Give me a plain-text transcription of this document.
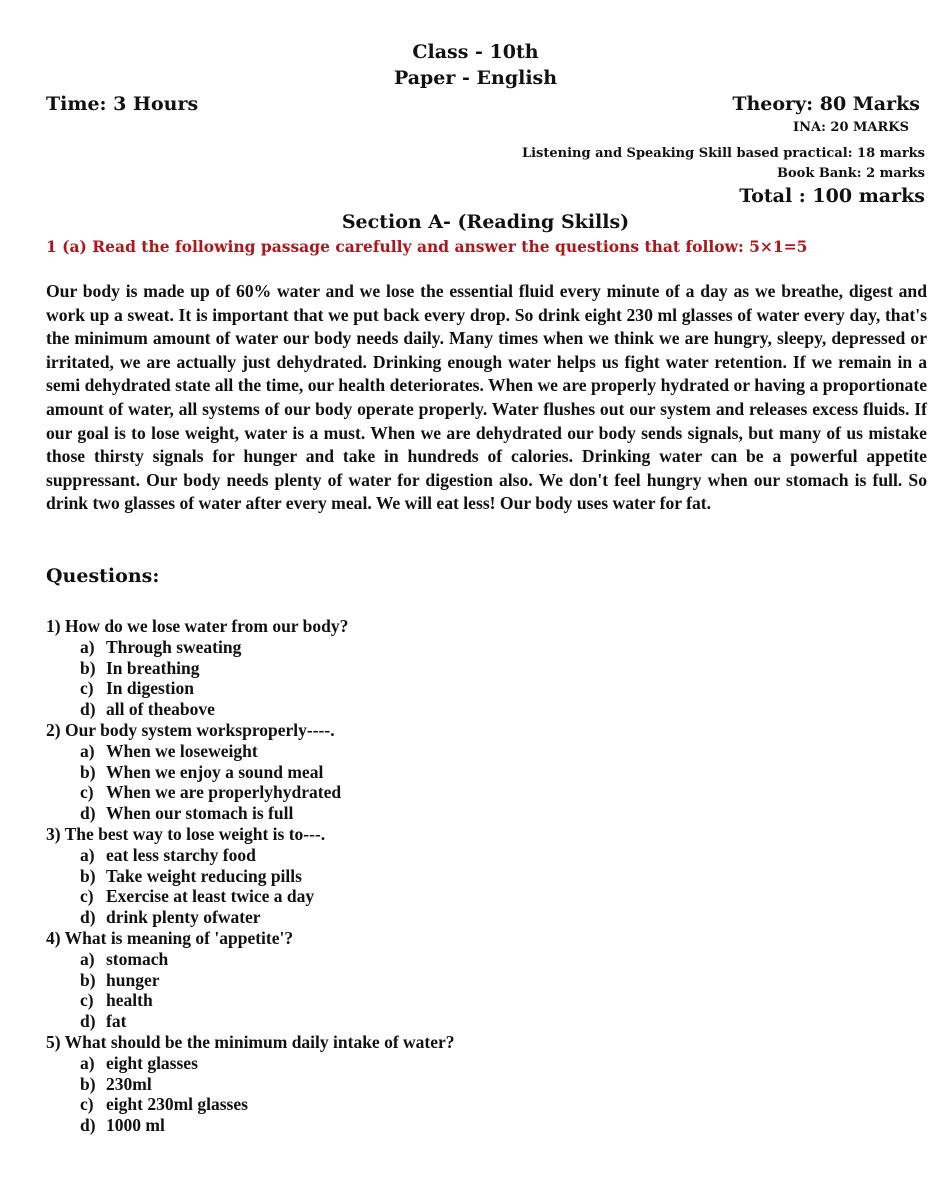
Class - 10th
Paper - English
Time: 3 Hours	Theory: 80 Marks
INA: 20 MARKS
Listening and Speaking Skill based practical: 18 marks
Book Bank: 2 marks
Total : 100 marks
Section A- (Reading Skills)
1 (a) Read the following passage carefully and answer the questions that follow: 5×1=5
Our body is made up of 60% water and we lose the essential fluid every minute of a day as we breathe, digest and work up a sweat. It is important that we put back every drop. So drink eight 230 ml glasses of water every day, that's the minimum amount of water our body needs daily. Many times when we think we are hungry, sleepy, depressed or irritated, we are actually just dehydrated. Drinking enough water helps us fight water retention. If we remain in a semi dehydrated state all the time, our health deteriorates. When we are properly hydrated or having a proportionate amount of water, all systems of our body operate properly. Water flushes out our system and releases excess fluids. If our goal is to lose weight, water is a must. When we are dehydrated our body sends signals, but many of us mistake those thirsty signals for hunger and take in hundreds of calories. Drinking water can be a powerful appetite suppressant. Our body needs plenty of water for digestion also. We don't feel hungry when our stomach is full. So drink two glasses of water after every meal. We will eat less! Our body uses water for fat.
Questions:
1) How do we lose water from our body?
a) Through sweating
b) In breathing
c) In digestion
d) all of theabove
2) Our body system worksproperly----.
a) When we loseweight
b) When we enjoy a sound meal
c) When we are properlyhydrated
d) When our stomach is full
3) The best way to lose weight is to---.
a) eat less starchy food
b) Take weight reducing pills
c) Exercise at least twice a day
d) drink plenty ofwater
4) What is meaning of 'appetite'?
a) stomach
b) hunger
c) health
d) fat
5) What should be the minimum daily intake of water?
a) eight glasses
b) 230ml
c) eight 230ml glasses
d) 1000 ml
